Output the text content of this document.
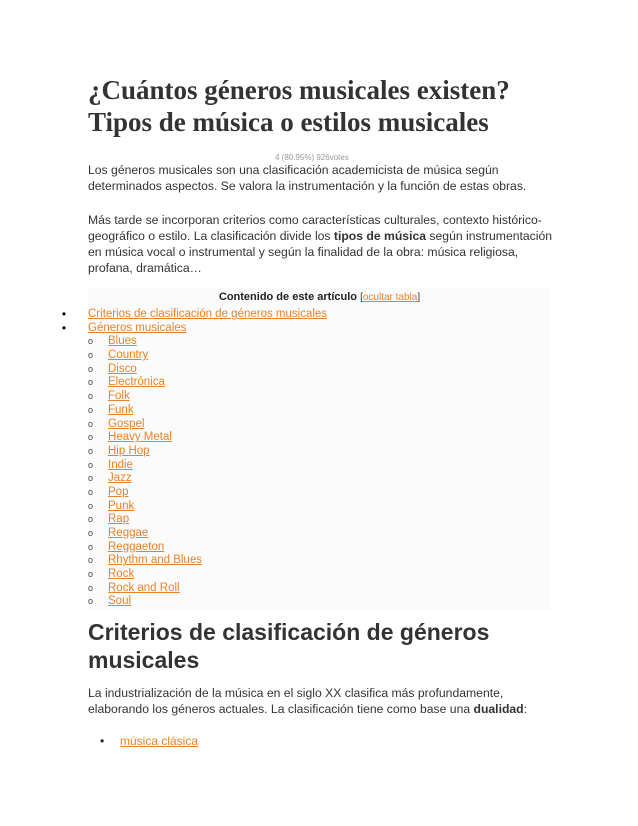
¿Cuántos géneros musicales existen? Tipos de música o estilos musicales
4 (80.95%) 926votes

Los géneros musicales son una clasificación academicista de música según determinados aspectos. Se valora la instrumentación y la función de estas obras.

Más tarde se incorporan criterios como características culturales, contexto histórico-geográfico o estilo. La clasificación divide los tipos de música según instrumentación en música vocal o instrumental y según la finalidad de la obra: música religiosa, profana, dramática…

Contenido de este artículo [ocultar tabla]
•	Criterios de clasificación de géneros musicales
•	Géneros musicales
o Blues
o Country
o Disco
o Electrónica
o Folk
o Funk
o Gospel
o Heavy Metal
o Hip Hop
o Indie
o Jazz
o Pop
o Punk
o Rap
o Reggae
o Reggaeton
o Rhythm and Blues
o Rock
o Rock and Roll
o Soul
Criterios de clasificación de géneros musicales

La industrialización de la música en el siglo XX clasifica más profundamente, elaborando los géneros actuales. La clasificación tiene como base una dualidad:

•	música clásica
